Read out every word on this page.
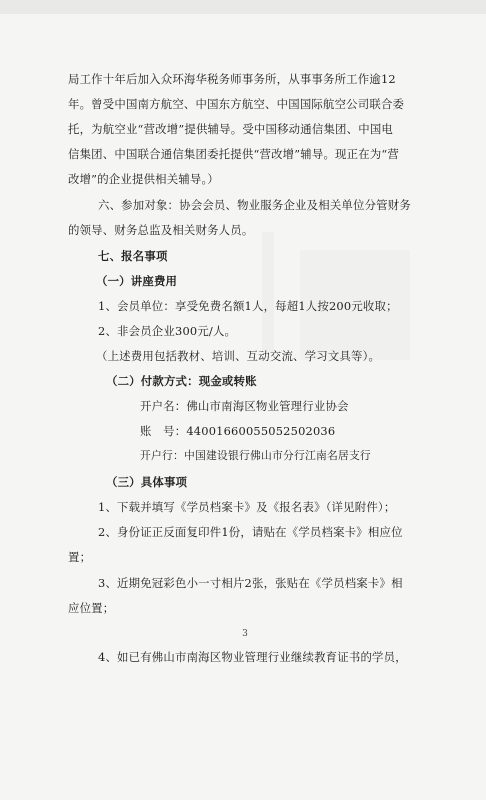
局工作十年后加入众环海华税务师事务所，从事事务所工作逾12
年。曾受中国南方航空、中国东方航空、中国国际航空公司联合委
托，为航空业“营改增”提供辅导。受中国移动通信集团、中国电
信集团、中国联合通信集团委托提供“营改增”辅导。现正在为“营
改增”的企业提供相关辅导。）
六、参加对象：协会会员、物业服务企业及相关单位分管财务
的领导、财务总监及相关财务人员。
七、报名事项
（一）讲座费用
1、会员单位：享受免费名额1人，每超1人按200元收取；
2、非会员企业300元/人。
（上述费用包括教材、培训、互动交流、学习文具等）。
（二）付款方式：现金或转账
开户名：佛山市南海区物业管理行业协会
账　号：44001660055052502036
开户行：中国建设银行佛山市分行江南名居支行
（三）具体事项
1、下载并填写《学员档案卡》及《报名表》（详见附件）；
2、身份证正反面复印件1份，请贴在《学员档案卡》相应位
置；
3、近期免冠彩色小一寸相片2张，张贴在《学员档案卡》相
应位置；
3
4、如已有佛山市南海区物业管理行业继续教育证书的学员，
